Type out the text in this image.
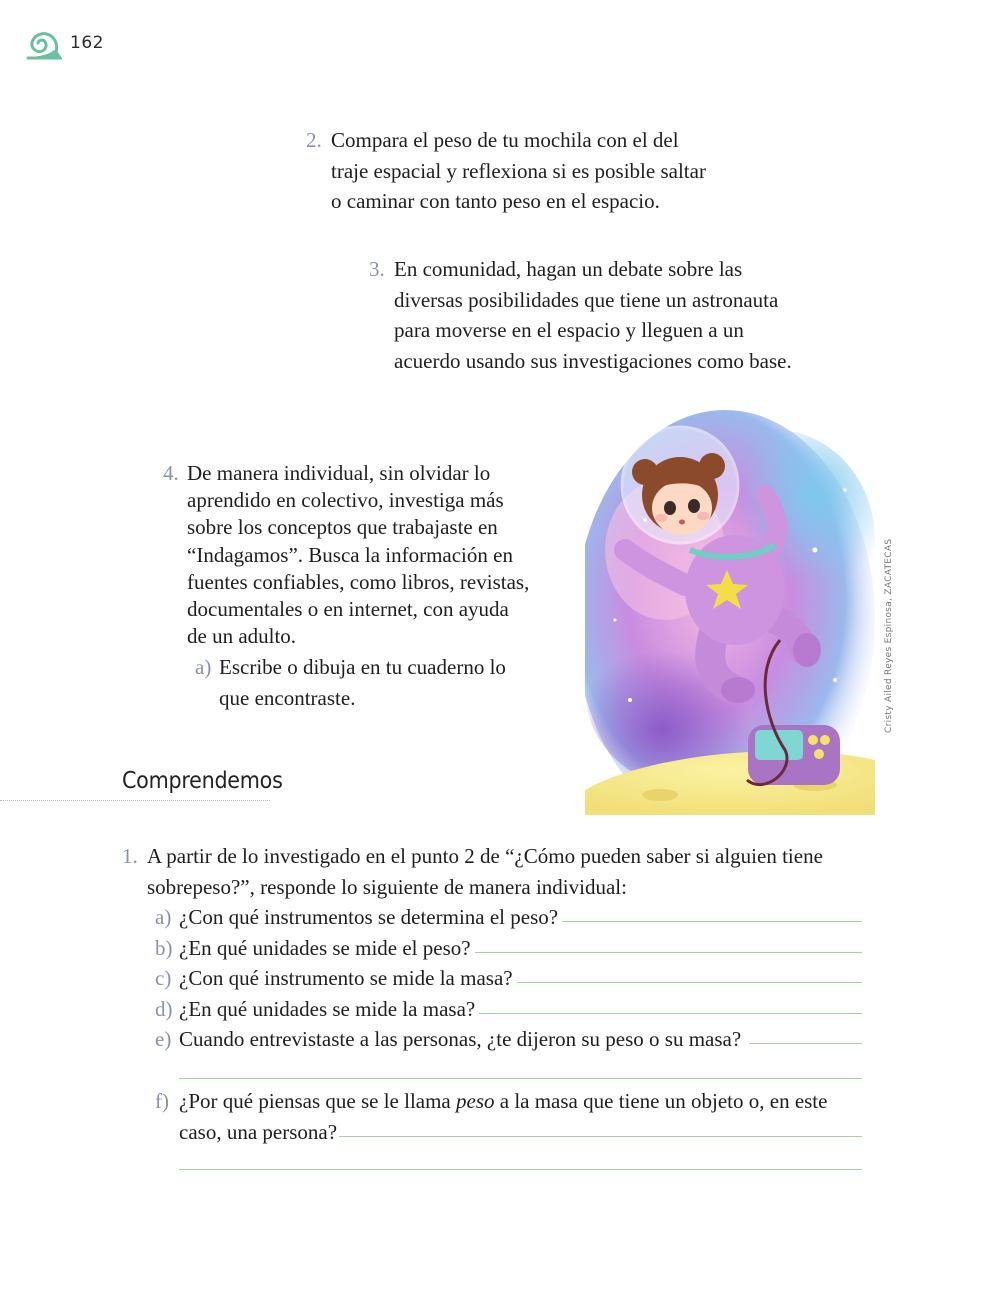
162
2. Compara el peso de tu mochila con el del
traje espacial y reflexiona si es posible saltar
o caminar con tanto peso en el espacio.
3. En comunidad, hagan un debate sobre las
diversas posibilidades que tiene un astronauta
para moverse en el espacio y lleguen a un
acuerdo usando sus investigaciones como base.
4. De manera individual, sin olvidar lo
aprendido en colectivo, investiga más
sobre los conceptos que trabajaste en
“Indagamos”. Busca la información en
fuentes confiables, como libros, revistas,
documentales o en internet, con ayuda
de un adulto.
a) Escribe o dibuja en tu cuaderno lo
que encontraste.	Cristy Ailed Reyes Espinosa, ZACATECAS
Comprendemos
1. A partir de lo investigado en el punto 2 de “¿Cómo pueden saber si alguien tiene
sobrepeso?”, responde lo siguiente de manera individual:
a) ¿Con qué instrumentos se determina el peso?
b) ¿En qué unidades se mide el peso?
c) ¿Con qué instrumento se mide la masa?
d) ¿En qué unidades se mide la masa?
e) Cuando entrevistaste a las personas, ¿te dijeron su peso o su masa?
f) ¿Por qué piensas que se le llama peso a la masa que tiene un objeto o, en este
caso, una persona?
